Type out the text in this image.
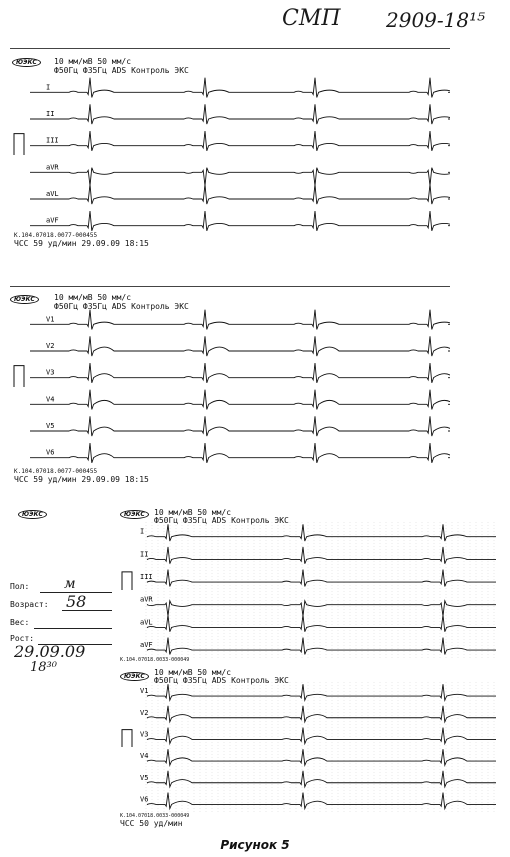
СМП 2909-18¹⁵
ЮЭКС	10 мм/мВ 50 мм/с
Ф50Гц Ф35Гц ADS Контроль ЭКС
I
II
III
aVR
aVL
aVF
К.104.07018.0077-000455
ЧСС 59 уд/мин 29.09.09 18:15
ЮЭКС	10 мм/мВ 50 мм/с
Ф50Гц Ф35Гц ADS Контроль ЭКС
V1
V2
V3
V4
V5
V6
К.104.07018.0077-000455
ЧСС 59 уд/мин 29.09.09 18:15
ЮЭКС
Пол: м
Возраст: 58
Вес:
Рост:
29.09.09
18³⁰
ЮЭКС	10 мм/мВ 50 мм/с
Ф50Гц Ф35Гц ADS Контроль ЭКС
I
II
III
aVR
aVL
aVF
К.104.07018.0033-000049
ЮЭКС	10 мм/мВ 50 мм/с
Ф50Гц Ф35Гц ADS Контроль ЭКС
V1
V2
V3
V4
V5
V6
К.104.07018.0033-000049
ЧСС 50 уд/мин
Рисунок 5
